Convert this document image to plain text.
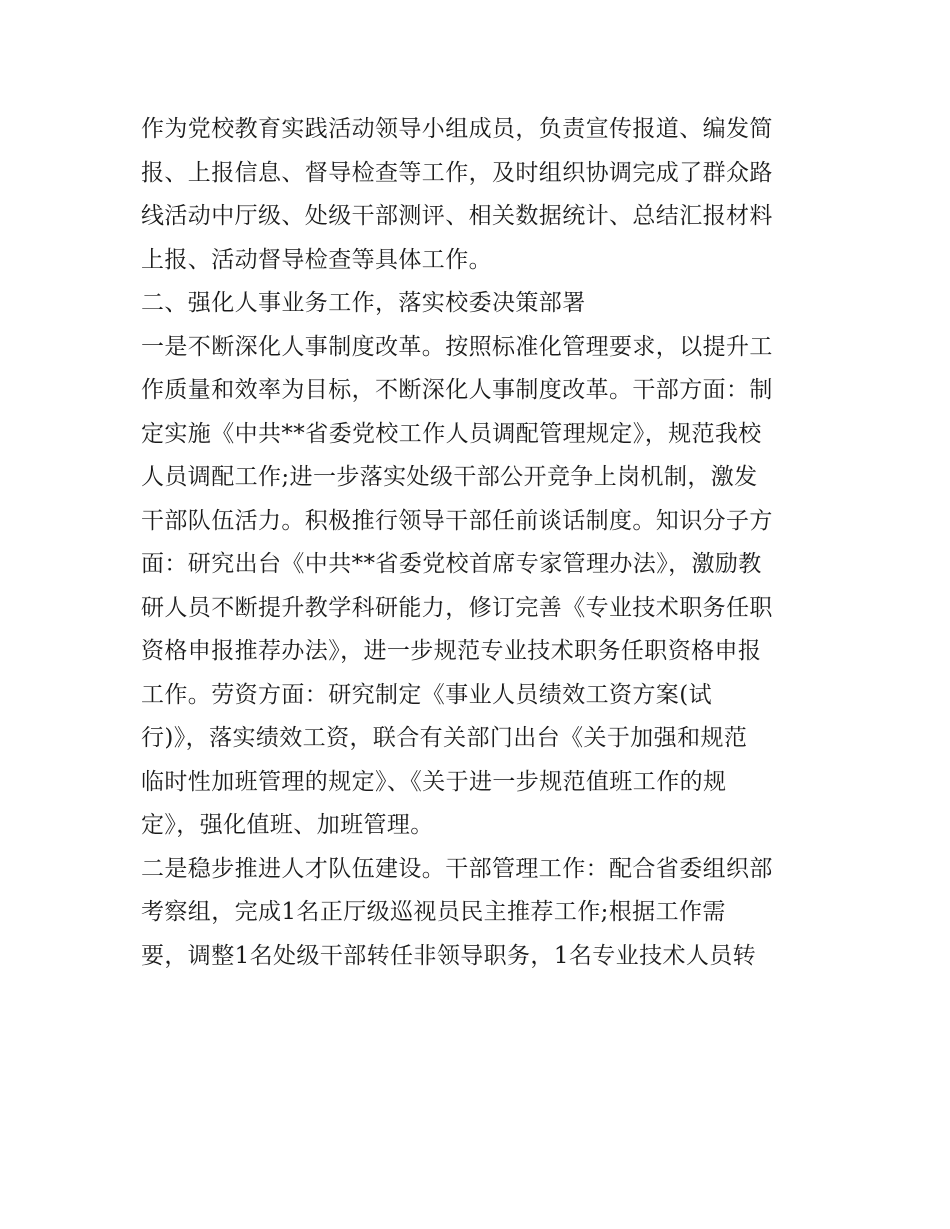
作为党校教育实践活动领导小组成员，负责宣传报道、编发简
报、上报信息、督导检查等工作，及时组织协调完成了群众路
线活动中厅级、处级干部测评、相关数据统计、总结汇报材料
上报、活动督导检查等具体工作。
二、强化人事业务工作，落实校委决策部署
一是不断深化人事制度改革。按照标准化管理要求，以提升工
作质量和效率为目标，不断深化人事制度改革。干部方面：制
定实施《中共**省委党校工作人员调配管理规定》，规范我校
人员调配工作;进一步落实处级干部公开竞争上岗机制，激发
干部队伍活力。积极推行领导干部任前谈话制度。知识分子方
面：研究出台《中共**省委党校首席专家管理办法》，激励教
研人员不断提升教学科研能力，修订完善《专业技术职务任职
资格申报推荐办法》，进一步规范专业技术职务任职资格申报
工作。劳资方面：研究制定《事业人员绩效工资方案(试
行)》，落实绩效工资，联合有关部门出台《关于加强和规范
临时性加班管理的规定》、《关于进一步规范值班工作的规
定》，强化值班、加班管理。
二是稳步推进人才队伍建设。干部管理工作：配合省委组织部
考察组，完成1名正厅级巡视员民主推荐工作;根据工作需
要，调整1名处级干部转任非领导职务，1名专业技术人员转
